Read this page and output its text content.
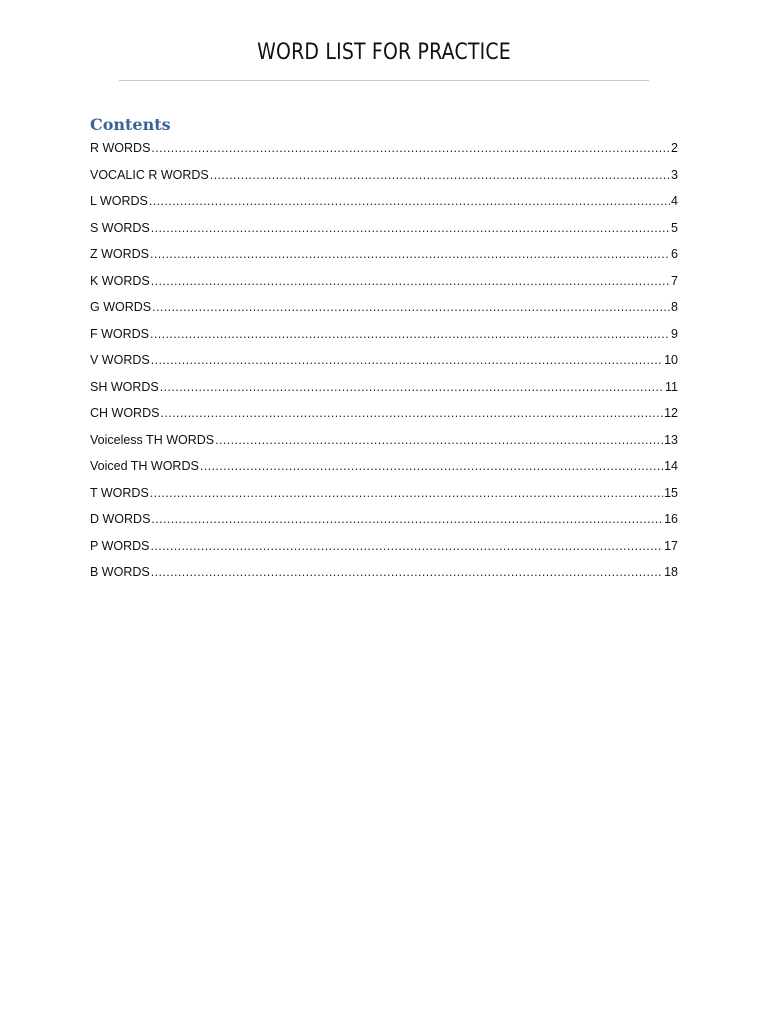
WORD LIST FOR PRACTICE
Contents
R WORDS .....	2
VOCALIC R WORDS .....	3
L WORDS .....	4
S WORDS .....	5
Z WORDS .....	6
K WORDS .....	7
G WORDS .....	8
F WORDS .....	9
V WORDS .....	10
SH WORDS .....	11
CH WORDS .....	12
Voiceless TH WORDS .....	13
Voiced TH WORDS .....	14
T WORDS .....	15
D WORDS .....	16
P WORDS .....	17
B WORDS .....	18
